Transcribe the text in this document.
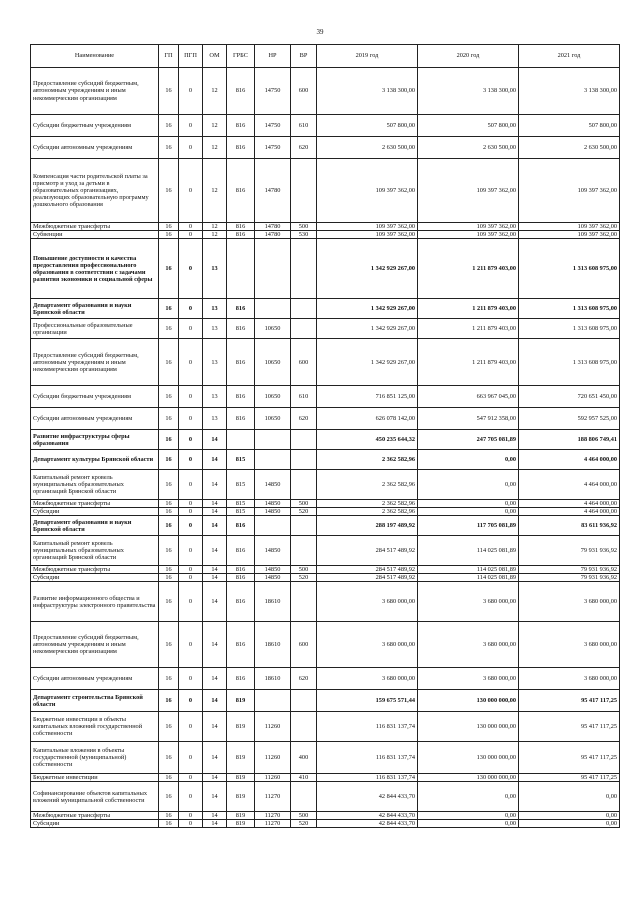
39
Наименование	ГП	ПГП	ОМ	ГРБС	НР	ВР	2019 год	2020 год	2021 год
Предоставление субсидий бюджетным, автономным учреждениям и иным некоммерческим организациям	16	0	12	816	14750	600	3 138 300,00	3 138 300,00	3 138 300,00
Субсидии бюджетным учреждениям	16	0	12	816	14750	610	507 800,00	507 800,00	507 800,00
Субсидии автономным учреждениям	16	0	12	816	14750	620	2 630 500,00	2 630 500,00	2 630 500,00
Компенсация части родительской платы за присмотр и уход за детьми в образовательных организациях, реализующих образовательную программу дошкольного образования	16	0	12	816	14780		109 397 362,00	109 397 362,00	109 397 362,00
Межбюджетные трансферты	16	0	12	816	14780	500	109 397 362,00	109 397 362,00	109 397 362,00
Субвенции	16	0	12	816	14780	530	109 397 362,00	109 397 362,00	109 397 362,00
Повышение доступности и качества предоставления профессионального образования в соответствии с задачами развития экономики и социальной сферы	16	0	13				1 342 929 267,00	1 211 879 403,00	1 313 608 975,00
Департамент образования и науки Брянской области	16	0	13	816			1 342 929 267,00	1 211 879 403,00	1 313 608 975,00
Профессиональные образовательные организации	16	0	13	816	10650		1 342 929 267,00	1 211 879 403,00	1 313 608 975,00
Предоставление субсидий бюджетным, автономным учреждениям и иным некоммерческим организациям	16	0	13	816	10650	600	1 342 929 267,00	1 211 879 403,00	1 313 608 975,00
Субсидии бюджетным учреждениям	16	0	13	816	10650	610	716 851 125,00	663 967 045,00	720 651 450,00
Субсидии автономным учреждениям	16	0	13	816	10650	620	626 078 142,00	547 912 358,00	592 957 525,00
Развитие инфраструктуры сферы образования	16	0	14				450 235 644,32	247 705 081,89	188 806 749,41
Департамент культуры Брянской области	16	0	14	815			2 362 582,96	0,00	4 464 000,00
Капитальный ремонт кровель муниципальных образовательных организаций Брянской области	16	0	14	815	14850		2 362 582,96	0,00	4 464 000,00
Межбюджетные трансферты	16	0	14	815	14850	500	2 362 582,96	0,00	4 464 000,00
Субсидии	16	0	14	815	14850	520	2 362 582,96	0,00	4 464 000,00
Департамент образования и науки Брянской области	16	0	14	816			288 197 489,92	117 705 081,89	83 611 936,92
Капитальный ремонт кровель муниципальных образовательных организаций Брянской области	16	0	14	816	14850		284 517 489,92	114 025 081,89	79 931 936,92
Межбюджетные трансферты	16	0	14	816	14850	500	284 517 489,92	114 025 081,89	79 931 936,92
Субсидии	16	0	14	816	14850	520	284 517 489,92	114 025 081,89	79 931 936,92
Развитие информационного общества и инфраструктуры электронного правительства	16	0	14	816	18610		3 680 000,00	3 680 000,00	3 680 000,00
Предоставление субсидий бюджетным, автономным учреждениям и иным некоммерческим организациям	16	0	14	816	18610	600	3 680 000,00	3 680 000,00	3 680 000,00
Субсидии автономным учреждениям	16	0	14	816	18610	620	3 680 000,00	3 680 000,00	3 680 000,00
Департамент строительства Брянской области	16	0	14	819			159 675 571,44	130 000 000,00	95 417 117,25
Бюджетные инвестиции в объекты капитальных вложений государственной собственности	16	0	14	819	11260		116 831 137,74	130 000 000,00	95 417 117,25
Капитальные вложения в объекты государственной (муниципальной) собственности	16	0	14	819	11260	400	116 831 137,74	130 000 000,00	95 417 117,25
Бюджетные инвестиции	16	0	14	819	11260	410	116 831 137,74	130 000 000,00	95 417 117,25
Софинансирование объектов капитальных вложений муниципальной собственности	16	0	14	819	11270		42 844 433,70	0,00	0,00
Межбюджетные трансферты	16	0	14	819	11270	500	42 844 433,70	0,00	0,00
Субсидии	16	0	14	819	11270	520	42 844 433,70	0,00	0,00
